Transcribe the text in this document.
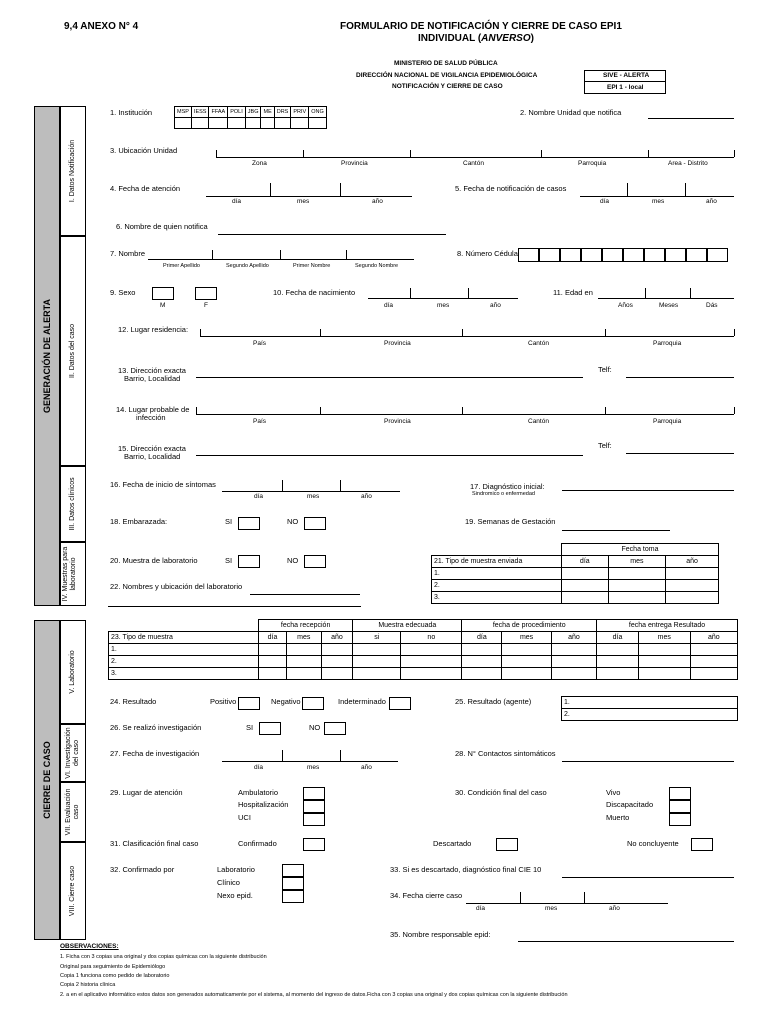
9,4 ANEXO N° 4	FORMULARIO DE NOTIFICACIÓN Y CIERRE DE CASO EPI1
INDIVIDUAL (ANVERSO)
MINISTERIO DE SALUD PÚBLICA
DIRECCIÓN NACIONAL DE VIGILANCIA EPIDEMIOLÓGICA
NOTIFICACIÓN Y CIERRE DE CASO
SIVE - ALERTA
EPI 1 - local
GENERACIÓN DE ALERTA
I. Datos Notificación
II. Datos del caso
III. Datos clínicos
IV. Muestras para laboratorio
CIERRE DE CASO
V. Laboratorio
VI. Investigación del caso
VII. Evaluación caso
VIII. Cierre caso
1. Institución	MSP	IESS	FFAA	POLI	JBG	ME	DRS	PRIV	ONG
									2. Nombre Unidad que notifica
3. Ubicación Unidad
Zona	Provincia	Cantón	Parroquia	Area - Distrito
4. Fecha de atención
día	mes	año
5. Fecha de notificación de casos
día	mes	año
6. Nombre de quien notifica
7. Nombre
Primer Apellido	Segundo Apellido	Primer Nombre	Segundo Nombre
8. Número Cédula
9. Sexo
M	F
10. Fecha de nacimiento
día	mes	año
11. Edad en
Años	Meses	Dás
12. Lugar residencia:
País	Provincia	Cantón	Parroquia
13. Dirección exacta
Barrio, Localidad
Telf:
14. Lugar probable de
infección	País	Provincia	Cantón	Parroquia
15. Dirección exacta
Barrio, Localidad
Telf:
16. Fecha de inicio de síntomas
día	mes	año
17. Diagnóstico inicial:
Sindromico o enfermedad
18. Embarazada:	SI	NO	19. Semanas de Gestación
20. Muestra de laboratorio	SI	NO
	Fecha toma		
21. Tipo de muestra enviada	día	mes	año
1.			
2.			
3.			
22. Nombres y ubicación del laboratorio
	fecha recepción			Muestra edecuada		fecha de procedimiento			fecha entrega Resultado		
23. Tipo de muestra	día	mes	año	si	no	día	mes	año	día	mes	año
1.											
2.											
3.											
24. Resultado	Positivo	Negativo	Indeterminado	25. Resultado (agente)	1.
2.
26. Se realizó investigación	SI	NO
27. Fecha de investigación
día	mes	año
28. N° Contactos sintomáticos
29. Lugar de atención	Ambulatorio
Hospitalización
UCI
30. Condición final del caso	Vivo
Discapacitado
Muerto
31. Clasificación final caso	Confirmado	Descartado	No concluyente
32. Confirmado por	Laboratorio
Clínico
Nexo epid.
33. Si es descartado, diagnóstico final CIE 10
34. Fecha cierre caso
día	mes	año
35. Nombre responsable epid:
OBSERVACIONES:
1. Ficha con 3 copias una original y dos copias químicas con la siguiente distribución
Original para seguimiento de Epidemiólogo
Copia 1 funciona como pedido de laboratorio
Copia 2 historia clínica
2. a en el aplicativo informático estos datos son generados automaticamente por el sistema, al momento del ingreso de datos.Ficha con 3 copias una original y dos copias químicas con la siguiente distribución
